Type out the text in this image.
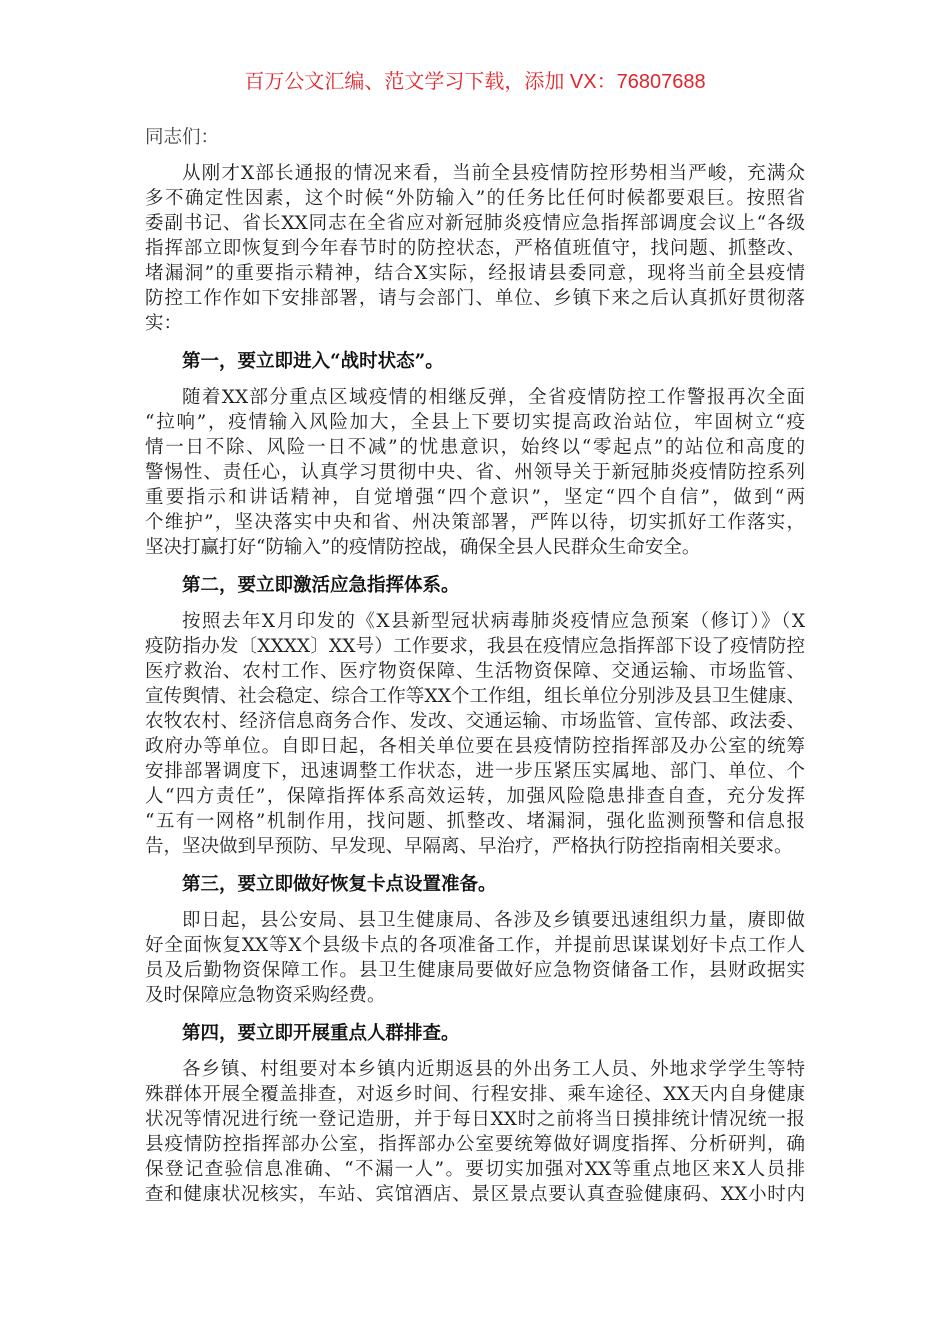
百万公文汇编、范文学习下载，添加 VX：76807688
同志们：
从刚才X部长通报的情况来看，当前全县疫情防控形势相当严峻，充满众
多不确定性因素，这个时候“外防输入”的任务比任何时候都要艰巨。按照省
委副书记、省长XX同志在全省应对新冠肺炎疫情应急指挥部调度会议上“各级
指挥部立即恢复到今年春节时的防控状态，严格值班值守，找问题、抓整改、
堵漏洞”的重要指示精神，结合X实际，经报请县委同意，现将当前全县疫情
防控工作作如下安排部署，请与会部门、单位、乡镇下来之后认真抓好贯彻落
实：
第一，要立即进入“战时状态”。
随着XX部分重点区域疫情的相继反弹，全省疫情防控工作警报再次全面
“拉响”，疫情输入风险加大，全县上下要切实提高政治站位，牢固树立“疫
情一日不除、风险一日不减”的忧患意识，始终以“零起点”的站位和高度的
警惕性、责任心，认真学习贯彻中央、省、州领导关于新冠肺炎疫情防控系列
重要指示和讲话精神，自觉增强“四个意识”，坚定“四个自信”，做到“两
个维护”，坚决落实中央和省、州决策部署，严阵以待，切实抓好工作落实，
坚决打赢打好“防输入”的疫情防控战，确保全县人民群众生命安全。
第二，要立即激活应急指挥体系。
按照去年X月印发的《X县新型冠状病毒肺炎疫情应急预案（修订）》（X
疫防指办发〔XXXX〕XX号）工作要求，我县在疫情应急指挥部下设了疫情防控
医疗救治、农村工作、医疗物资保障、生活物资保障、交通运输、市场监管、
宣传舆情、社会稳定、综合工作等XX个工作组，组长单位分别涉及县卫生健康、
农牧农村、经济信息商务合作、发改、交通运输、市场监管、宣传部、政法委、
政府办等单位。自即日起，各相关单位要在县疫情防控指挥部及办公室的统筹
安排部署调度下，迅速调整工作状态，进一步压紧压实属地、部门、单位、个
人“四方责任”，保障指挥体系高效运转，加强风险隐患排查自查，充分发挥
“五有一网格”机制作用，找问题、抓整改、堵漏洞，强化监测预警和信息报
告，坚决做到早预防、早发现、早隔离、早治疗，严格执行防控指南相关要求。
第三，要立即做好恢复卡点设置准备。
即日起，县公安局、县卫生健康局、各涉及乡镇要迅速组织力量，赓即做
好全面恢复XX等X个县级卡点的各项准备工作，并提前思谋谋划好卡点工作人
员及后勤物资保障工作。县卫生健康局要做好应急物资储备工作，县财政据实
及时保障应急物资采购经费。
第四，要立即开展重点人群排查。
各乡镇、村组要对本乡镇内近期返县的外出务工人员、外地求学学生等特
殊群体开展全覆盖排查，对返乡时间、行程安排、乘车途径、XX天内自身健康
状况等情况进行统一登记造册，并于每日XX时之前将当日摸排统计情况统一报
县疫情防控指挥部办公室，指挥部办公室要统筹做好调度指挥、分析研判，确
保登记查验信息准确、“不漏一人”。要切实加强对XX等重点地区来X人员排
查和健康状况核实，车站、宾馆酒店、景区景点要认真查验健康码、XX小时内
